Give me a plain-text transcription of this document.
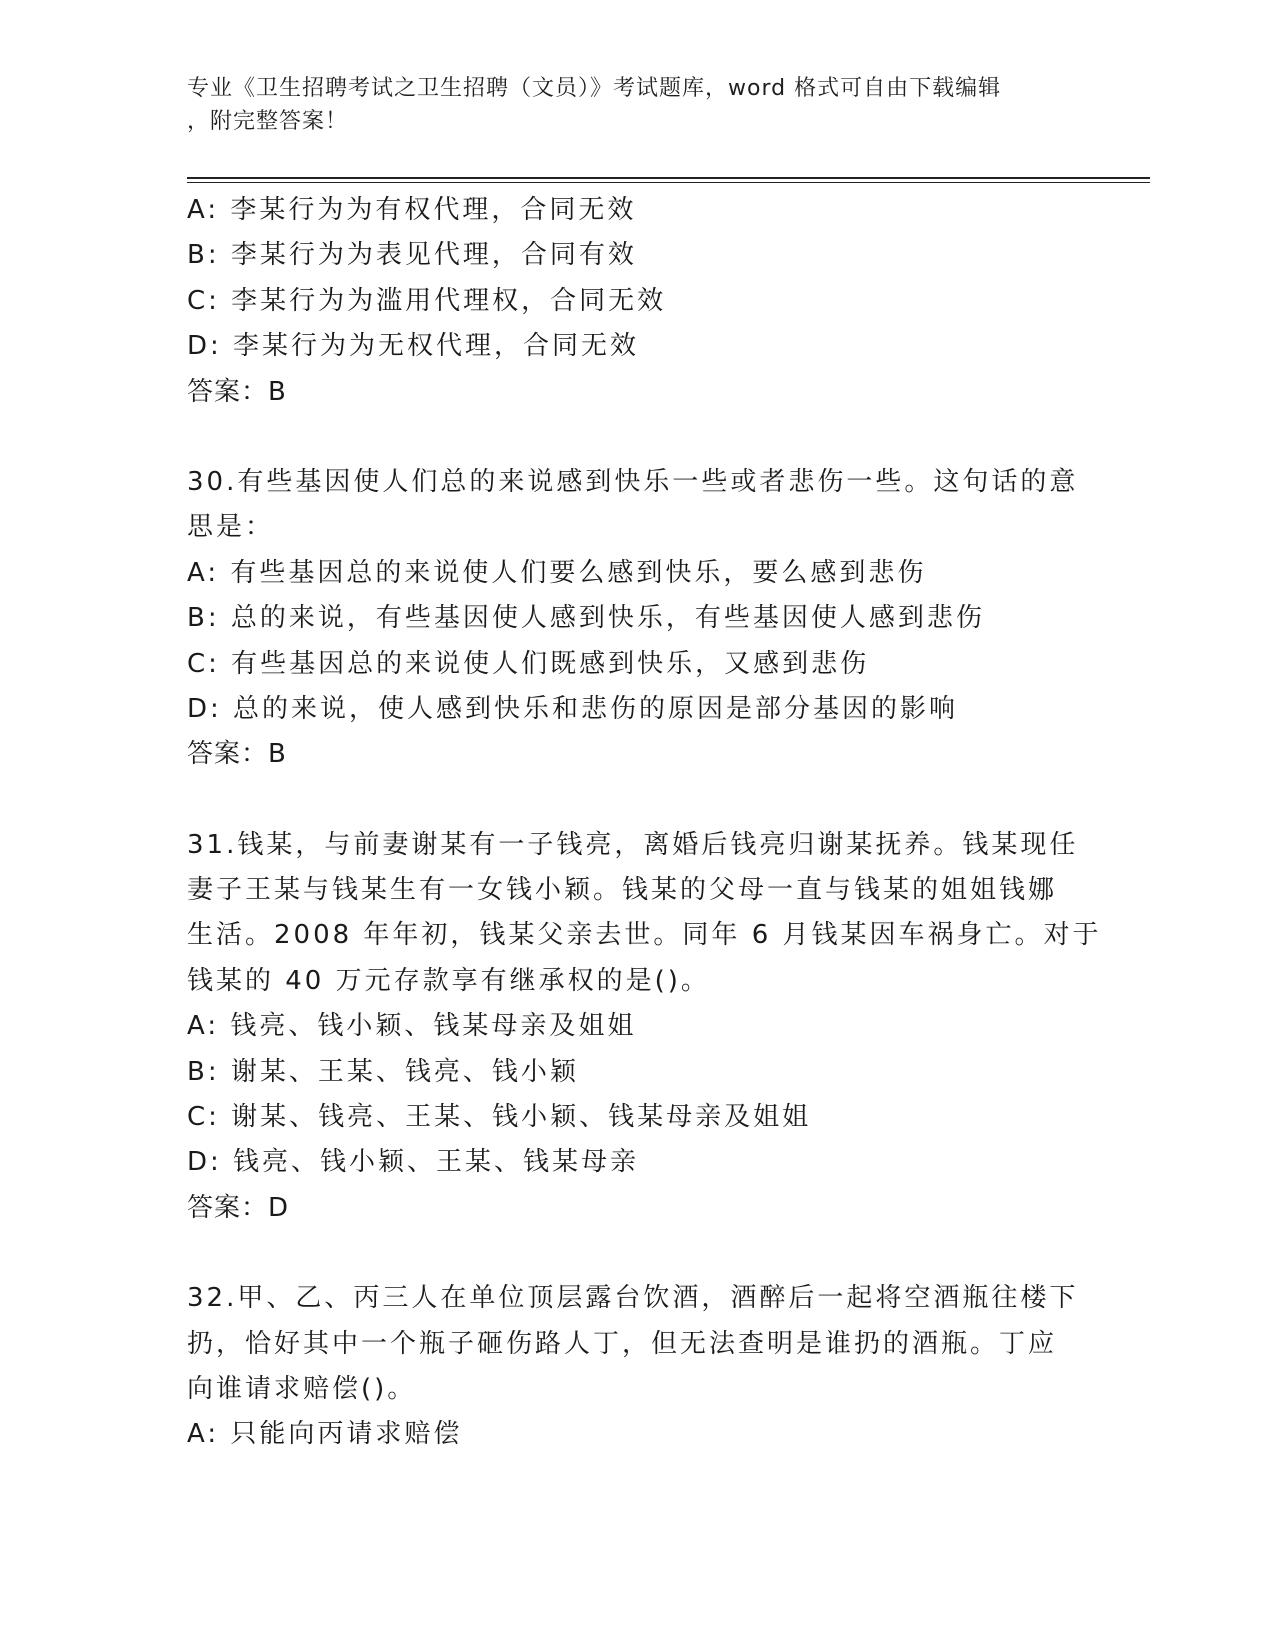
专业《卫生招聘考试之卫生招聘（文员）》考试题库，word 格式可自由下载编辑
，附完整答案！
A: 李某行为为有权代理，合同无效
B: 李某行为为表见代理，合同有效
C: 李某行为为滥用代理权，合同无效
D: 李某行为为无权代理，合同无效
答案：B
30.有些基因使人们总的来说感到快乐一些或者悲伤一些。这句话的意
思是：
A: 有些基因总的来说使人们要么感到快乐，要么感到悲伤
B: 总的来说，有些基因使人感到快乐，有些基因使人感到悲伤
C: 有些基因总的来说使人们既感到快乐，又感到悲伤
D: 总的来说，使人感到快乐和悲伤的原因是部分基因的影响
答案：B
31.钱某，与前妻谢某有一子钱亮，离婚后钱亮归谢某抚养。钱某现任
妻子王某与钱某生有一女钱小颖。钱某的父母一直与钱某的姐姐钱娜
生活。2008 年年初，钱某父亲去世。同年 6 月钱某因车祸身亡。对于
钱某的 40 万元存款享有继承权的是()。
A: 钱亮、钱小颖、钱某母亲及姐姐
B: 谢某、王某、钱亮、钱小颖
C: 谢某、钱亮、王某、钱小颖、钱某母亲及姐姐
D: 钱亮、钱小颖、王某、钱某母亲
答案：D
32.甲、乙、丙三人在单位顶层露台饮酒，酒醉后一起将空酒瓶往楼下
扔，恰好其中一个瓶子砸伤路人丁，但无法查明是谁扔的酒瓶。丁应
向谁请求赔偿()。
A: 只能向丙请求赔偿
